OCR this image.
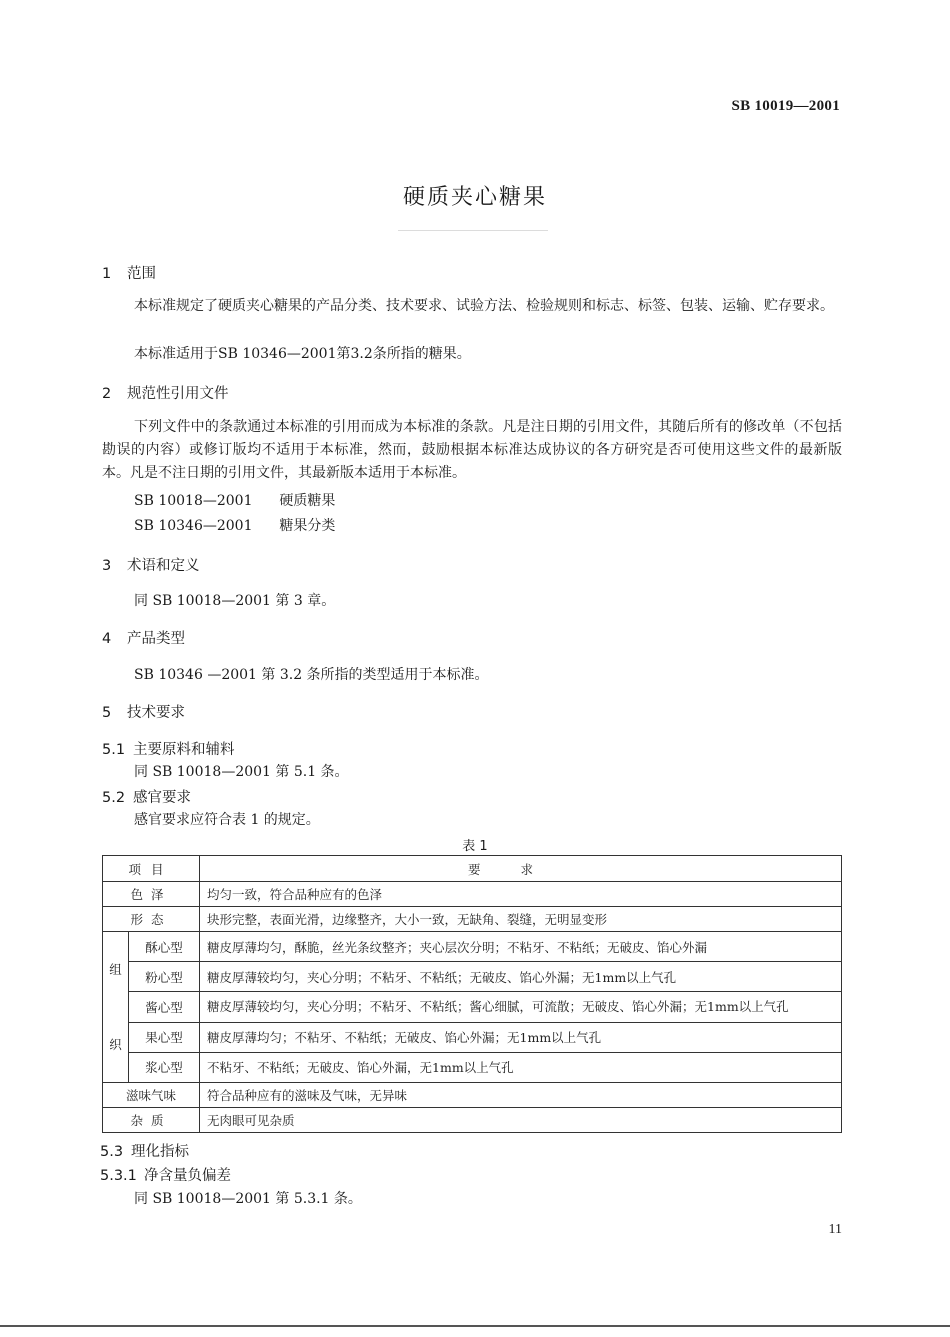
SB 10019—2001
硬质夹心糖果
1 范围
本标准规定了硬质夹心糖果的产品分类、技术要求、试验方法、检验规则和标志、标签、包装、运输、贮存要求。
本标准适用于SB 10346—2001第3.2条所指的糖果。
2 规范性引用文件
下列文件中的条款通过本标准的引用而成为本标准的条款。凡是注日期的引用文件，其随后所有的修改单（不包括勘误的内容）或修订版均不适用于本标准，然而，鼓励根据本标准达成协议的各方研究是否可使用这些文件的最新版本。凡是不注日期的引用文件，其最新版本适用于本标准。
SB 10018—2001 硬质糖果
SB 10346—2001 糖果分类
3 术语和定义
同 SB 10018—2001 第 3 章。
4 产品类型
SB 10346 —2001 第 3.2 条所指的类型适用于本标准。
5 技术要求
5.1 主要原料和辅料
同 SB 10018—2001 第 5.1 条。
5.2 感官要求
感官要求应符合表 1 的规定。
表 1
项目		要求
色泽		均匀一致，符合品种应有的色泽
形态		块形完整，表面光滑，边缘整齐，大小一致，无缺角、裂缝，无明显变形

组
织	酥心型	糖皮厚薄均匀，酥脆，丝光条纹整齐；夹心层次分明；不粘牙、不粘纸；无破皮、馅心外漏
	粉心型	糖皮厚薄较均匀，夹心分明；不粘牙、不粘纸；无破皮、馅心外漏；无1mm以上气孔
	酱心型	糖皮厚薄较均匀，夹心分明；不粘牙、不粘纸；酱心细腻，可流散；无破皮、馅心外漏；无1mm以上气孔
	果心型	糖皮厚薄均匀；不粘牙、不粘纸；无破皮、馅心外漏；无1mm以上气孔
	浆心型	不粘牙、不粘纸；无破皮、馅心外漏，无1mm以上气孔
滋味气味		符合品种应有的滋味及气味，无异味
杂质		无肉眼可见杂质
5.3 理化指标
5.3.1 净含量负偏差
同 SB 10018—2001 第 5.3.1 条。
11
